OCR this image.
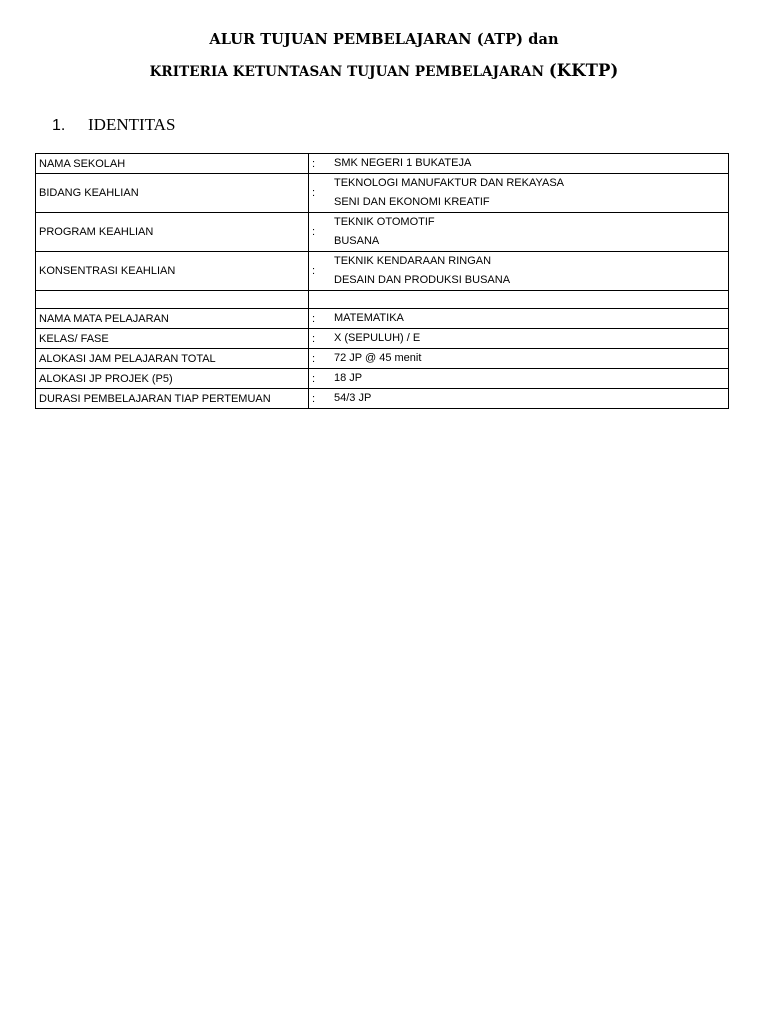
ALUR TUJUAN PEMBELAJARAN (ATP) dan
KRITERIA KETUNTASAN TUJUAN PEMBELAJARAN (KKTP)
1.	IDENTITAS
NAMA SEKOLAH	: SMK NEGERI 1 BUKATEJA

BIDANG KEAHLIAN	:
TEKNOLOGI MANUFAKTUR DAN REKAYASA
SENI DAN EKONOMI KREATIF

PROGRAM KEAHLIAN	:
TEKNIK OTOMOTIF
BUSANA

KONSENTRASI KEAHLIAN	:
TEKNIK KENDARAAN RINGAN
DESAIN DAN PRODUKSI BUSANA

NAMA MATA PELAJARAN	: MATEMATIKA

KELAS/ FASE	: X (SEPULUH) / E

ALOKASI JAM PELAJARAN TOTAL	: 72 JP @ 45 menit

ALOKASI JP PROJEK (P5)	: 18 JP

DURASI PEMBELAJARAN TIAP PERTEMUAN	: 54/3 JP
